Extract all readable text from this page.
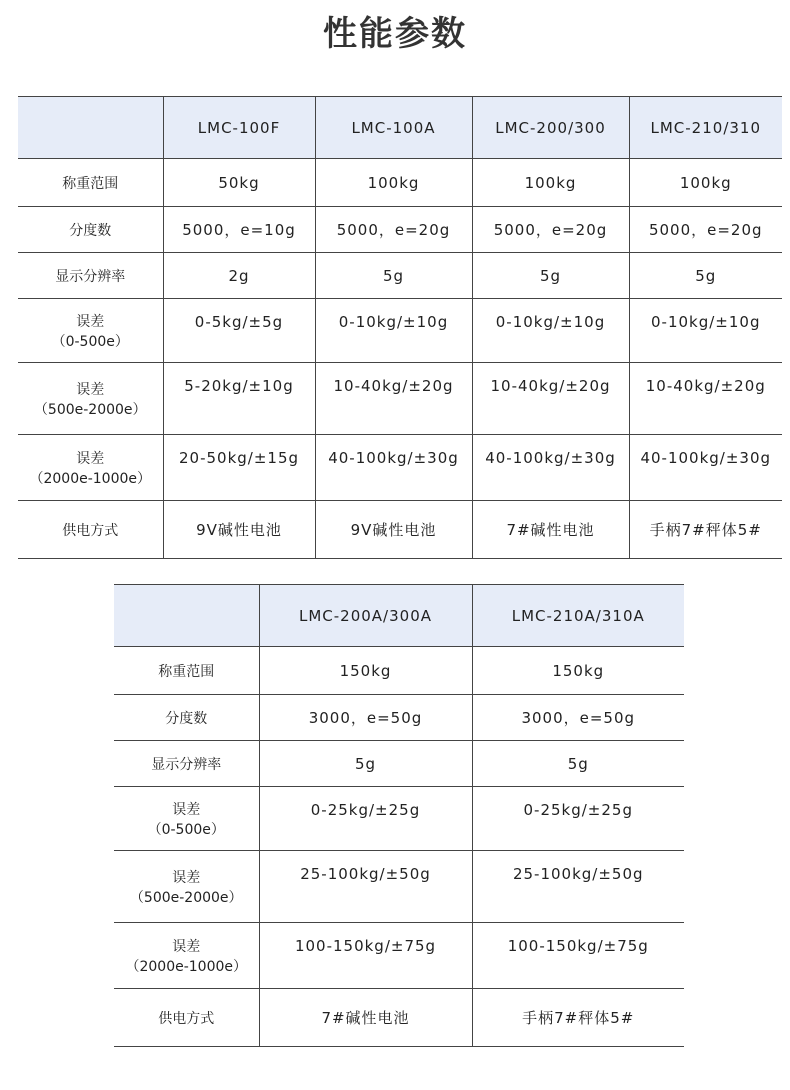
性能参数
	LMC-100F	LMC-100A	LMC-200/300	LMC-210/310
称重范围	50kg	100kg	100kg	100kg
分度数	5000，e=10g	5000，e=20g	5000，e=20g	5000，e=20g
显示分辨率	2g	5g	5g	5g

误差
（0-500e）	0-5kg/±5g	0-10kg/±10g	0-10kg/±10g	0-10kg/±10g

误差
（500e-2000e）	5-20kg/±10g	10-40kg/±20g	10-40kg/±20g	10-40kg/±20g

误差
（2000e-1000e）	20-50kg/±15g	40-100kg/±30g	40-100kg/±30g	40-100kg/±30g
供电方式	9V碱性电池	9V碱性电池	7#碱性电池	手柄7#秤体5#
	LMC-200A/300A	LMC-210A/310A
称重范围	150kg	150kg
分度数	3000，e=50g	3000，e=50g
显示分辨率	5g	5g

误差
（0-500e）	0-25kg/±25g	0-25kg/±25g

误差
（500e-2000e）	25-100kg/±50g	25-100kg/±50g

误差
（2000e-1000e）	100-150kg/±75g	100-150kg/±75g
供电方式	7#碱性电池	手柄7#秤体5#
